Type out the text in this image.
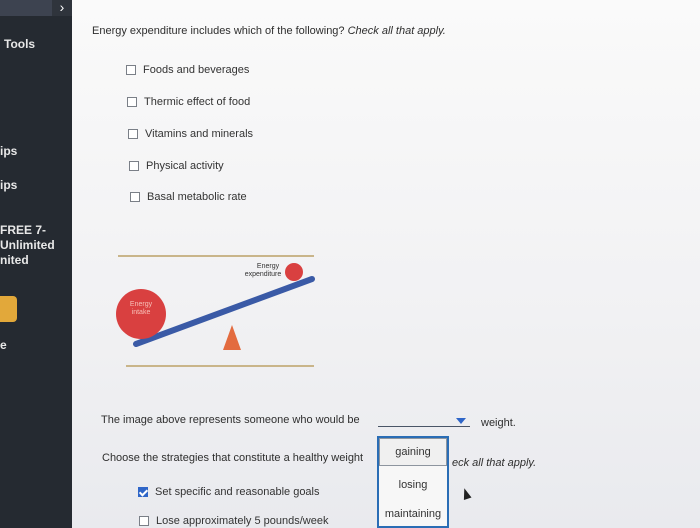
›
Tools
ips
ips
FREE 7-
Unlimited
nited
e
Energy expenditure includes which of the following? Check all that apply.
Foods and beverages
Thermic effect of food
Vitamins and minerals
Physical activity
Basal metabolic rate
Energy
intake
Energy
expenditure
The image above represents someone who would be	weight.
Choose the strategies that constitute a healthy weight	eck all that apply.
Set specific and reasonable goals
Lose approximately 5 pounds/week
gaining
losing
maintaining
